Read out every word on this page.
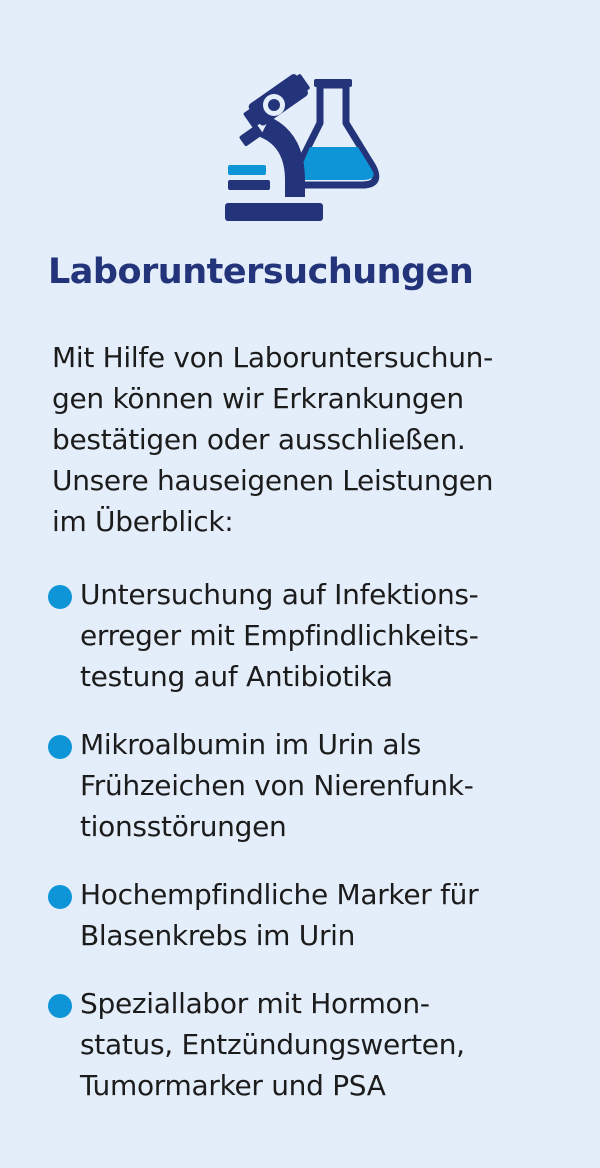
Laboruntersuchungen

Mit Hilfe von Laboruntersuchun-
gen können wir Erkrankungen
bestätigen oder ausschließen.
Unsere hauseigenen Leistungen
im Überblick:

Untersuchung auf Infektions-
erreger mit Empfindlichkeits-
testung auf Antibiotika
Mikroalbumin im Urin als
Frühzeichen von Nierenfunk-
tionsstörungen
Hochempfindliche Marker für
Blasenkrebs im Urin
Speziallabor mit Hormon-
status, Entzündungswerten,
Tumormarker und PSA
